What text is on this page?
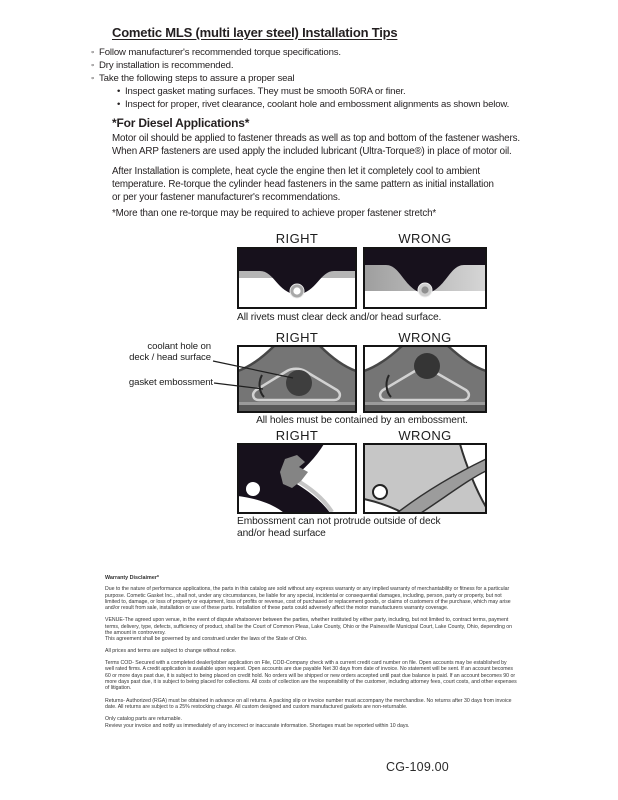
Cometic MLS (multi layer steel) Installation Tips
◦ Follow manufacturer's recommended torque specifications.
◦ Dry installation is recommended.
◦ Take the following steps to assure a proper seal
• Inspect gasket mating surfaces. They must be smooth 50RA or finer.
• Inspect for proper, rivet clearance, coolant hole and embossment alignments as shown below.
*For Diesel Applications*
Motor oil should be applied to fastener threads as well as top and bottom of the fastener washers.
When ARP fasteners are used apply the included lubricant (Ultra-Torque®) in place of motor oil.
After Installation is complete, heat cycle the engine then let it completely cool to ambient
temperature. Re-torque the cylinder head fasteners in the same pattern as initial installation
or per your fastener manufacturer's recommendations.
*More than one re-torque may be required to achieve proper fastener stretch*
RIGHT	WRONG
RIGHT	WRONG
RIGHT	WRONG
All rivets must clear deck and/or head surface.
All holes must be contained by an embossment.
Embossment can not protrude outside of deck
and/or head surface
coolant hole on
deck / head surface
gasket embossment
Warranty Disclaimer*

Due to the nature of performance applications, the parts in this catalog are sold without any express warranty or any implied warranty of merchantability or fitness for a particular purpose. Cometic Gasket Inc., shall not, under any circumstances, be liable for any special, incidental or consequential damages, including, person, party or property, but not limited to, damage, or loss of property or equipment, loss of profits or revenue, cost of purchased or replacement goods, or claims of customers of the purchase, which may arise and/or result from sale, installation or use of these parts. Installation of these parts could adversely affect the motor manufacturers warranty coverage.

VENUE-The agreed upon venue, in the event of dispute whatsoever between the parties, whether instituted by either party, including, but not limited to, contract terms, payment terms, delivery, type, defects, sufficiency of product, shall be the Court of Common Pleas, Lake County, Ohio or the Painesville Municipal Court, Lake County, Ohio, depending on the amount in controversy.
This agreement shall be governed by and construed under the laws of the State of Ohio.

All prices and terms are subject to change without notice.

Terms COD- Secured with a completed dealer/jobber application on File, COD-Company check with a current credit card number on file. Open accounts may be established by well rated firms. A credit application is available upon request. Open accounts are due payable Net 30 days from date of invoice. No statement will be sent. If an account becomes 60 or more days past due, it is subject to being placed on credit hold. No orders will be shipped or new orders accepted until past due balance is paid. If an account becomes 90 or more days past due, it is subject to being placed for collections. All costs of collection are the responsibility of the customer, including attorney fees, court costs, and other expenses of litigation.

Returns- Authorized (RGA) must be obtained in advance on all returns. A packing slip or invoice number must accompany the merchandise. No returns after 30 days from invoice date. All returns are subject to a 25% restocking charge. All custom designed and custom manufactured gaskets are non-returnable.

Only catalog parts are returnable.
Review your invoice and notify us immediately of any incorrect or inaccurate information. Shortages must be reported within 10 days.

CG-109.00
